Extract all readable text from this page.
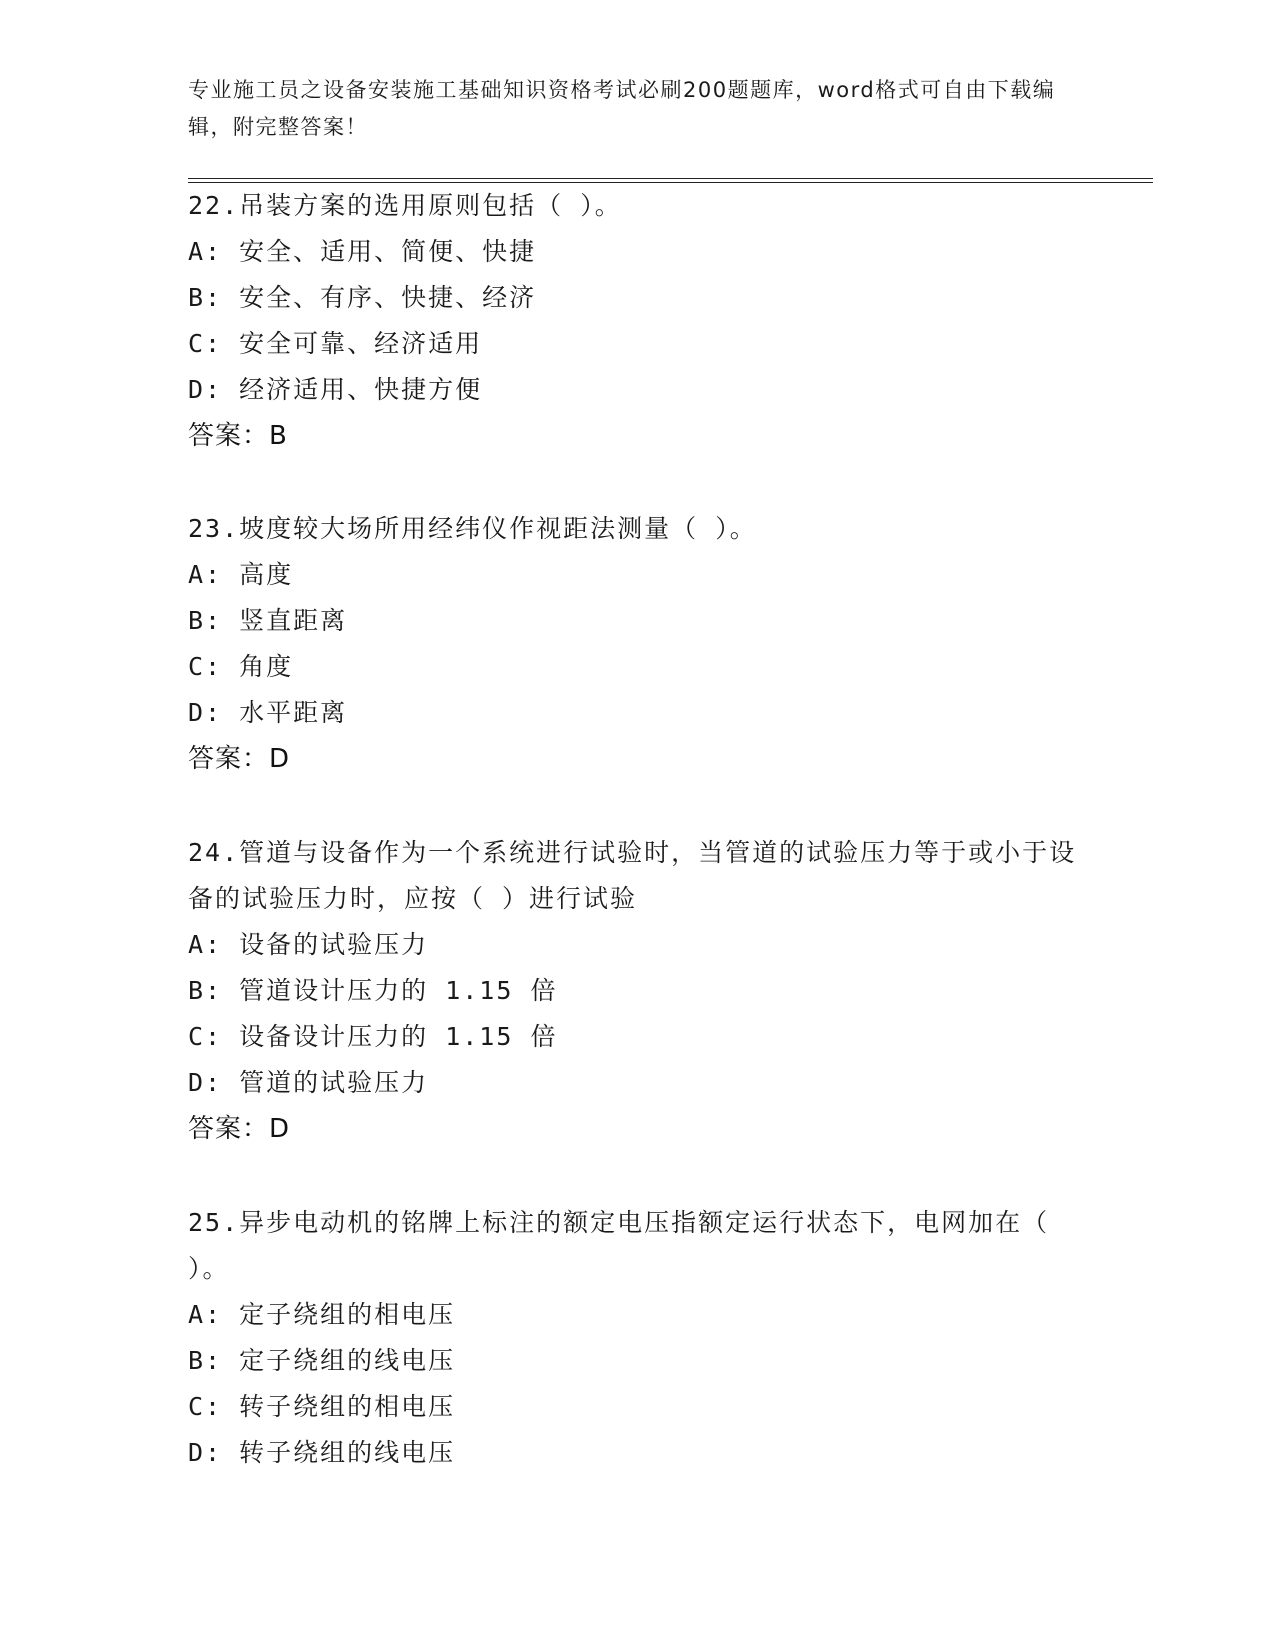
专业施工员之设备安装施工基础知识资格考试必刷200题题库，word格式可自由下载编辑，附完整答案！
22.吊装方案的选用原则包括（ ）。
A: 安全、适用、简便、快捷
B: 安全、有序、快捷、经济
C: 安全可靠、经济适用
D: 经济适用、快捷方便
答案：B
23.坡度较大场所用经纬仪作视距法测量（ ）。
A: 高度
B: 竖直距离
C: 角度
D: 水平距离
答案：D
24.管道与设备作为一个系统进行试验时，当管道的试验压力等于或小于设备的试验压力时，应按（ ）进行试验
A: 设备的试验压力
B: 管道设计压力的 1.15 倍
C: 设备设计压力的 1.15 倍
D: 管道的试验压力
答案：D
25.异步电动机的铭牌上标注的额定电压指额定运行状态下，电网加在（ ）。
A: 定子绕组的相电压
B: 定子绕组的线电压
C: 转子绕组的相电压
D: 转子绕组的线电压
